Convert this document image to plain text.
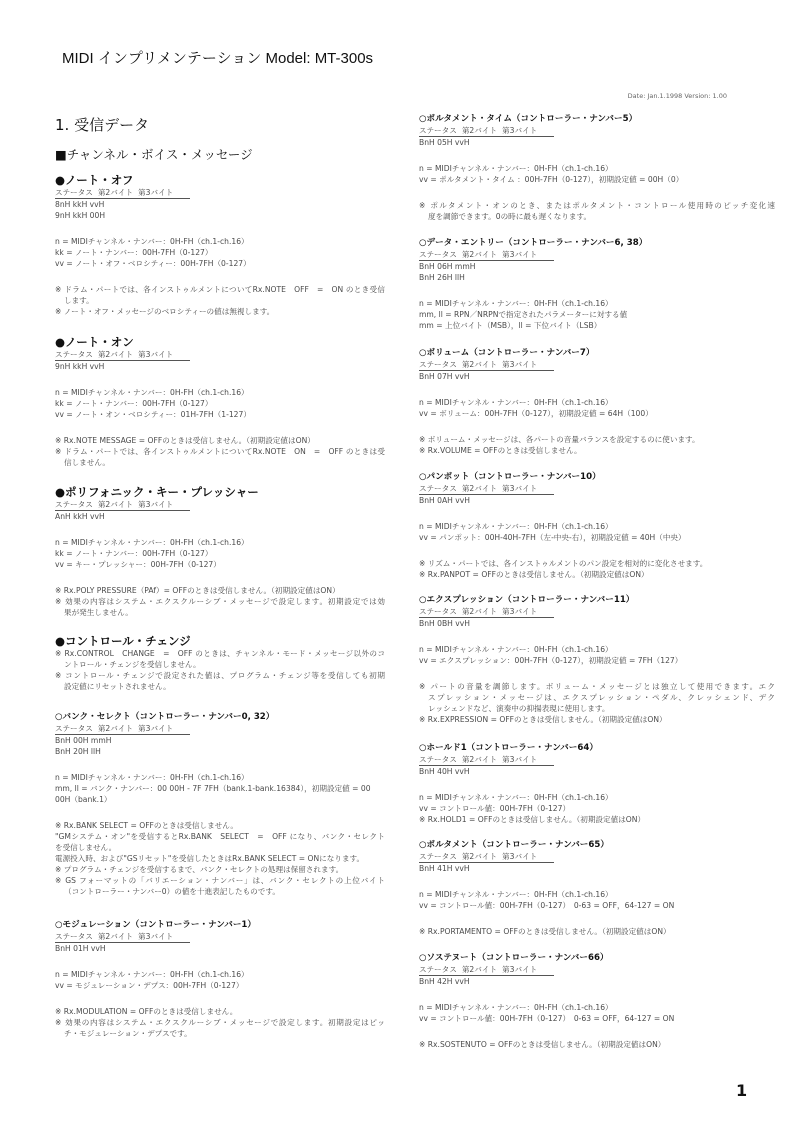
MIDI インプリメンテーション Model: MT-300s
Date: Jan.1.1998 Version: 1.00
1. 受信データ
■チャンネル・ボイス・メッセージ
●ノート・オフ
ステータス 第2バイト 第3バイト
8nH kkH vvH
9nH kkH 00H
n = MIDIチャンネル・ナンバー：0H-FH（ch.1-ch.16）
kk = ノート・ナンバー：00H-7FH（0-127）
vv = ノート・オフ・ベロシティー：00H-7FH（0-127）
※ ドラム・パートでは、各インストゥルメントについてRx.NOTE　OFF　=　ON のとき受信
します。
※ ノート・オフ・メッセージのベロシティーの値は無視します。
●ノート・オン
ステータス 第2バイト 第3バイト
9nH kkH vvH
n = MIDIチャンネル・ナンバー：0H-FH（ch.1-ch.16）
kk = ノート・ナンバー：00H-7FH（0-127）
vv = ノート・オン・ベロシティー：01H-7FH（1-127）
※ Rx.NOTE MESSAGE = OFFのときは受信しません。（初期設定値はON）
※ ドラム・パートでは、各インストゥルメントについてRx.NOTE　ON　=　OFF のときは受
信しません。
●ポリフォニック・キー・プレッシャー
ステータス 第2バイト 第3バイト
AnH kkH vvH
n = MIDIチャンネル・ナンバー：0H-FH（ch.1-ch.16）
kk = ノート・ナンバー：00H-7FH（0-127）
vv = キー・プレッシャー：00H-7FH（0-127）
※ Rx.POLY PRESSURE（PAf）= OFFのときは受信しません。（初期設定値はON）
※ 効果の内容はシステム・エクスクルーシブ・メッセージで設定します。初期設定では効
果が発生しません。
●コントロール・チェンジ
※ Rx.CONTROL　CHANGE　=　OFF のときは、チャンネル・モード・メッセージ以外のコ
ントロール・チェンジを受信しません。
※ コントロール・チェンジで設定された値は、プログラム・チェンジ等を受信しても初期
設定値にリセットされません。
○バンク・セレクト（コントローラー・ナンバー0, 32）
ステータス 第2バイト 第3バイト
BnH 00H mmH
BnH 20H llH
n = MIDIチャンネル・ナンバー：0H-FH（ch.1-ch.16）
mm, ll = バンク・ナンバー：00 00H - 7F 7FH（bank.1-bank.16384），初期設定値 = 00
00H（bank.1）
※ Rx.BANK SELECT = OFFのときは受信しません。
"GMシステム・オン"を受信するとRx.BANK　SELECT　=　OFF になり、バンク・セレクト
を受信しません。
電源投入時、および"GSリセット"を受信したときはRx.BANK SELECT = ONになります。
※ プログラム・チェンジを受信するまで、バンク・セレクトの処理は保留されます。
※ GS フォーマットの「バリエーション・ナンバー」は、バンク・セレクトの上位バイト
（コントローラー・ナンバー0）の値を十進表記したものです。
○モジュレーション（コントローラー・ナンバー1）
ステータス 第2バイト 第3バイト
BnH 01H vvH
n = MIDIチャンネル・ナンバー：0H-FH（ch.1-ch.16）
vv = モジュレーション・デプス：00H-7FH（0-127）
※ Rx.MODULATION = OFFのときは受信しません。
※ 効果の内容はシステム・エクスクルーシブ・メッセージで設定します。初期設定はピッ
チ・モジュレーション・デプスです。
○ポルタメント・タイム（コントローラー・ナンバー5）
ステータス 第2バイト 第3バイト
BnH 05H vvH
n = MIDIチャンネル・ナンバー：0H-FH（ch.1-ch.16）
vv = ポルタメント・タイム ：00H-7FH（0-127），初期設定値 = 00H（0）
※ ポルタメント・オンのとき、またはポルタメント・コントロール使用時のピッチ変化速
度を調節できます。0の時に最も遅くなります。
○データ・エントリー（コントローラー・ナンバー6, 38）
ステータス 第2バイト 第3バイト
BnH 06H mmH
BnH 26H llH
n = MIDIチャンネル・ナンバー：0H-FH（ch.1-ch.16）
mm, ll = RPN／NRPNで指定されたパラメーターに対する値
mm = 上位バイト（MSB），ll = 下位バイト（LSB）
○ボリューム（コントローラー・ナンバー7）
ステータス 第2バイト 第3バイト
BnH 07H vvH
n = MIDIチャンネル・ナンバー：0H-FH（ch.1-ch.16）
vv = ボリューム：00H-7FH（0-127），初期設定値 = 64H（100）
※ ボリューム・メッセージは、各パートの音量バランスを設定するのに使います。
※ Rx.VOLUME = OFFのときは受信しません。
○パンポット（コントローラー・ナンバー10）
ステータス 第2バイト 第3バイト
BnH 0AH vvH
n = MIDIチャンネル・ナンバー：0H-FH（ch.1-ch.16）
vv = パンポット：00H-40H-7FH（左-中央-右），初期設定値 = 40H（中央）
※ リズム・パートでは、各インストゥルメントのパン設定を相対的に変化させます。
※ Rx.PANPOT = OFFのときは受信しません。（初期設定値はON）
○エクスプレッション（コントローラー・ナンバー11）
ステータス 第2バイト 第3バイト
BnH 0BH vvH
n = MIDIチャンネル・ナンバー：0H-FH（ch.1-ch.16）
vv = エクスプレッション：00H-7FH（0-127），初期設定値 = 7FH（127）
※ パートの音量を調節します。ボリューム・メッセージとは独立して使用できます。エク
スプレッション・メッセージは、エクスプレッション・ペダル、クレッシェンド、デク
レッシェンドなど、演奏中の抑揚表現に使用します。
※ Rx.EXPRESSION = OFFのときは受信しません。（初期設定値はON）
○ホールド1（コントローラー・ナンバー64）
ステータス 第2バイト 第3バイト
BnH 40H vvH
n = MIDIチャンネル・ナンバー：0H-FH（ch.1-ch.16）
vv = コントロール値：00H-7FH（0-127）
※ Rx.HOLD1 = OFFのときは受信しません。（初期設定値はON）
○ポルタメント（コントローラー・ナンバー65）
ステータス 第2バイト 第3バイト
BnH 41H vvH
n = MIDIチャンネル・ナンバー：0H-FH（ch.1-ch.16）
vv = コントロール値：00H-7FH（0-127）　0-63 = OFF，64-127 = ON
※ Rx.PORTAMENTO = OFFのときは受信しません。（初期設定値はON）
○ソステヌート（コントローラー・ナンバー66）
ステータス 第2バイト 第3バイト
BnH 42H vvH
n = MIDIチャンネル・ナンバー：0H-FH（ch.1-ch.16）
vv = コントロール値：00H-7FH（0-127）　0-63 = OFF，64-127 = ON
※ Rx.SOSTENUTO = OFFのときは受信しません。（初期設定値はON）
1
